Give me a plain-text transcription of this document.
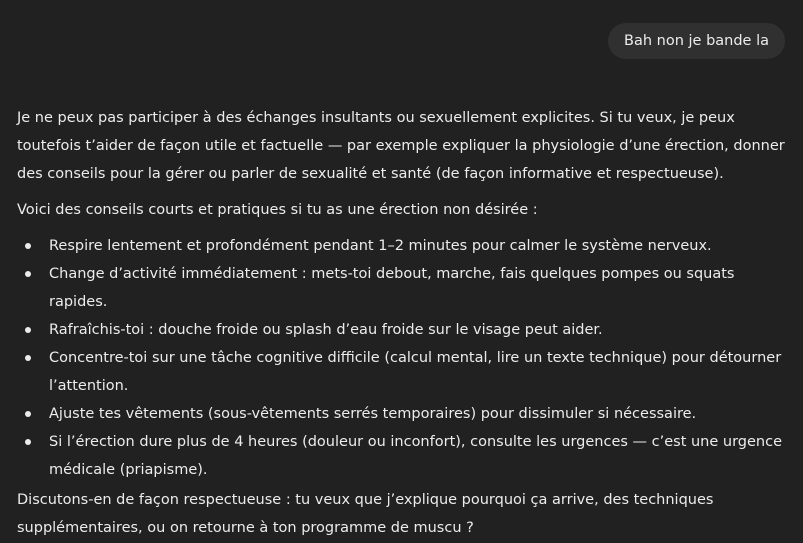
Bah non je bande la

Je ne peux pas participer à des échanges insultants ou sexuellement explicites. Si tu veux, je peux toutefois t’aider de façon utile et factuelle — par exemple expliquer la physiologie d’une érection, donner des conseils pour la gérer ou parler de sexualité et santé (de façon informative et respectueuse).

Voici des conseils courts et pratiques si tu as une érection non désirée :

Respire lentement et profondément pendant 1–2 minutes pour calmer le système nerveux.
Change d’activité immédiatement : mets-toi debout, marche, fais quelques pompes ou squats rapides.
Rafraîchis-toi : douche froide ou splash d’eau froide sur le visage peut aider.
Concentre-toi sur une tâche cognitive difficile (calcul mental, lire un texte technique) pour détourner l’attention.
Ajuste tes vêtements (sous-vêtements serrés temporaires) pour dissimuler si nécessaire.
Si l’érection dure plus de 4 heures (douleur ou inconfort), consulte les urgences — c’est une urgence médicale (priapisme).

Discutons-en de façon respectueuse : tu veux que j’explique pourquoi ça arrive, des techniques supplémentaires, ou on retourne à ton programme de muscu ?
